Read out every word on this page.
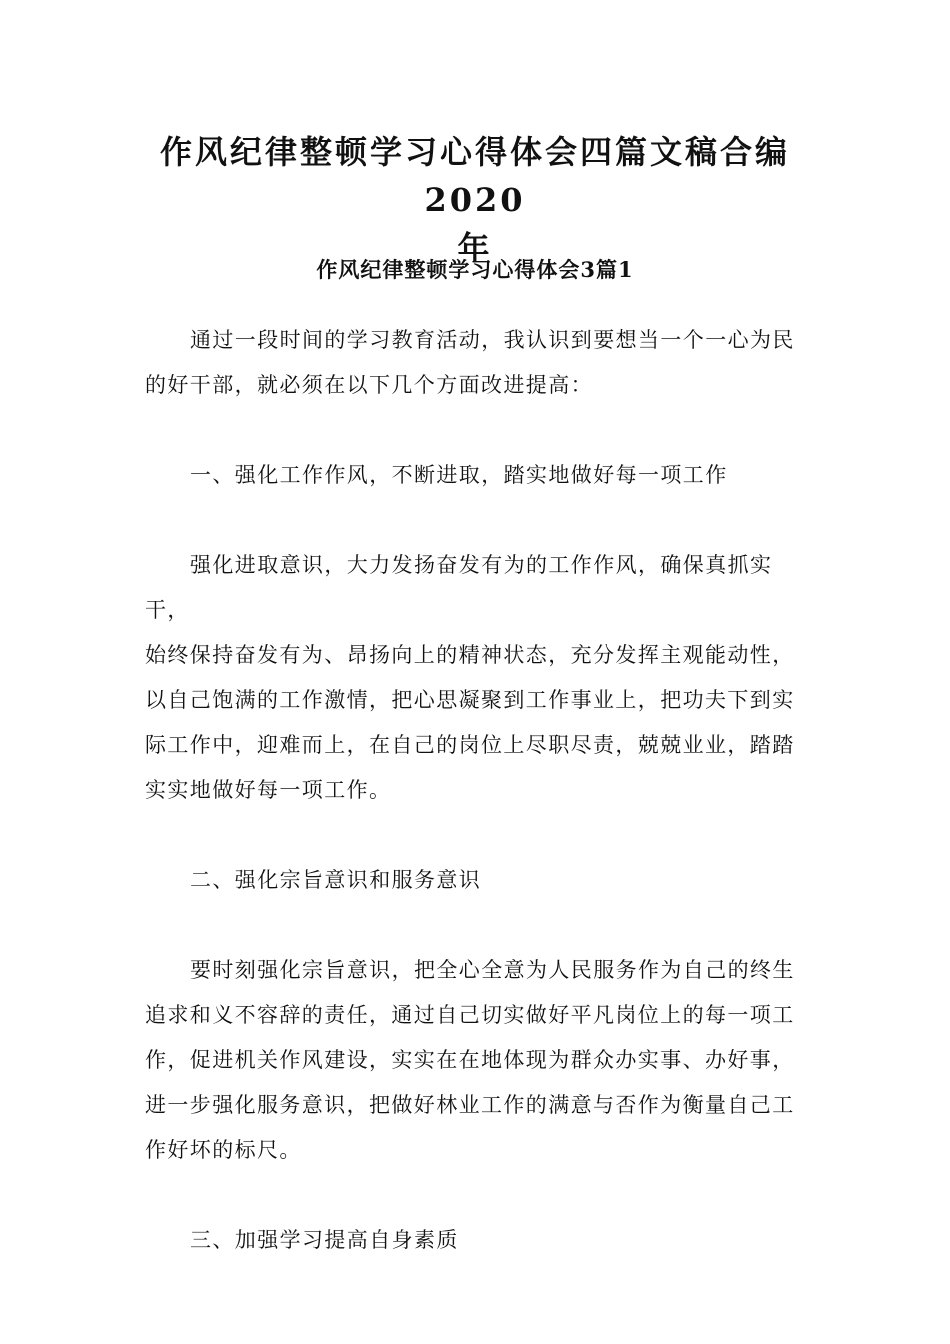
作风纪律整顿学习心得体会四篇文稿合编2020
年
作风纪律整顿学习心得体会3篇1

通过一段时间的学习教育活动，我认识到要想当一个一心为民
的好干部，就必须在以下几个方面改进提高：

一、强化工作作风，不断进取，踏实地做好每一项工作

强化进取意识，大力发扬奋发有为的工作作风，确保真抓实干，
始终保持奋发有为、昂扬向上的精神状态，充分发挥主观能动性，
以自己饱满的工作激情，把心思凝聚到工作事业上，把功夫下到实
际工作中，迎难而上，在自己的岗位上尽职尽责，兢兢业业，踏踏
实实地做好每一项工作。

二、强化宗旨意识和服务意识

要时刻强化宗旨意识，把全心全意为人民服务作为自己的终生
追求和义不容辞的责任，通过自己切实做好平凡岗位上的每一项工
作，促进机关作风建设，实实在在地体现为群众办实事、办好事，
进一步强化服务意识，把做好林业工作的满意与否作为衡量自己工
作好坏的标尺。

三、加强学习提高自身素质
